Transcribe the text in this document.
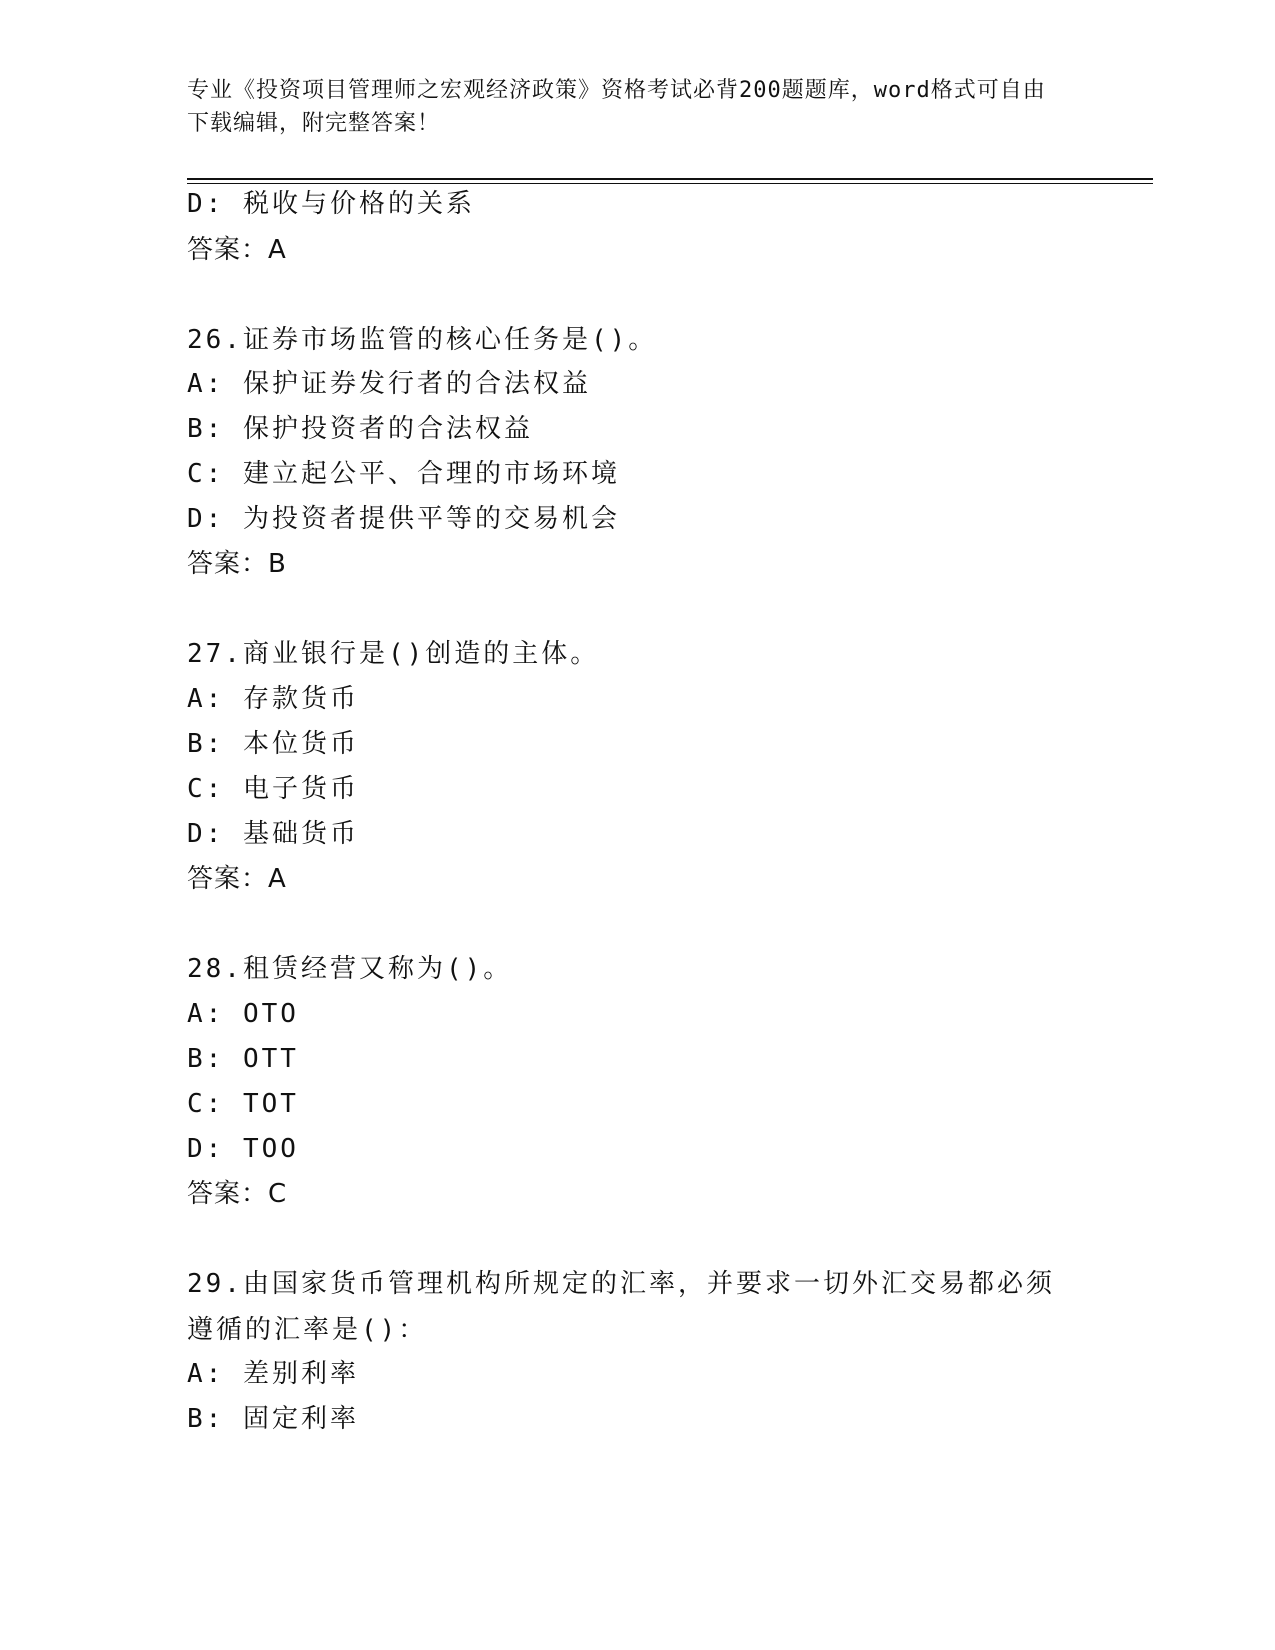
专业《投资项目管理师之宏观经济政策》资格考试必背200题题库，word格式可自由下载编辑，附完整答案！
D: 税收与价格的关系
答案：A
26.证券市场监管的核心任务是()。
A: 保护证券发行者的合法权益
B: 保护投资者的合法权益
C: 建立起公平、合理的市场环境
D: 为投资者提供平等的交易机会
答案：B
27.商业银行是()创造的主体。
A: 存款货币
B: 本位货币
C: 电子货币
D: 基础货币
答案：A
28.租赁经营又称为()。
A: OTO
B: OTT
C: TOT
D: TOO
答案：C
29.由国家货币管理机构所规定的汇率，并要求一切外汇交易都必须遵循的汇率是()：
A: 差别利率
B: 固定利率
